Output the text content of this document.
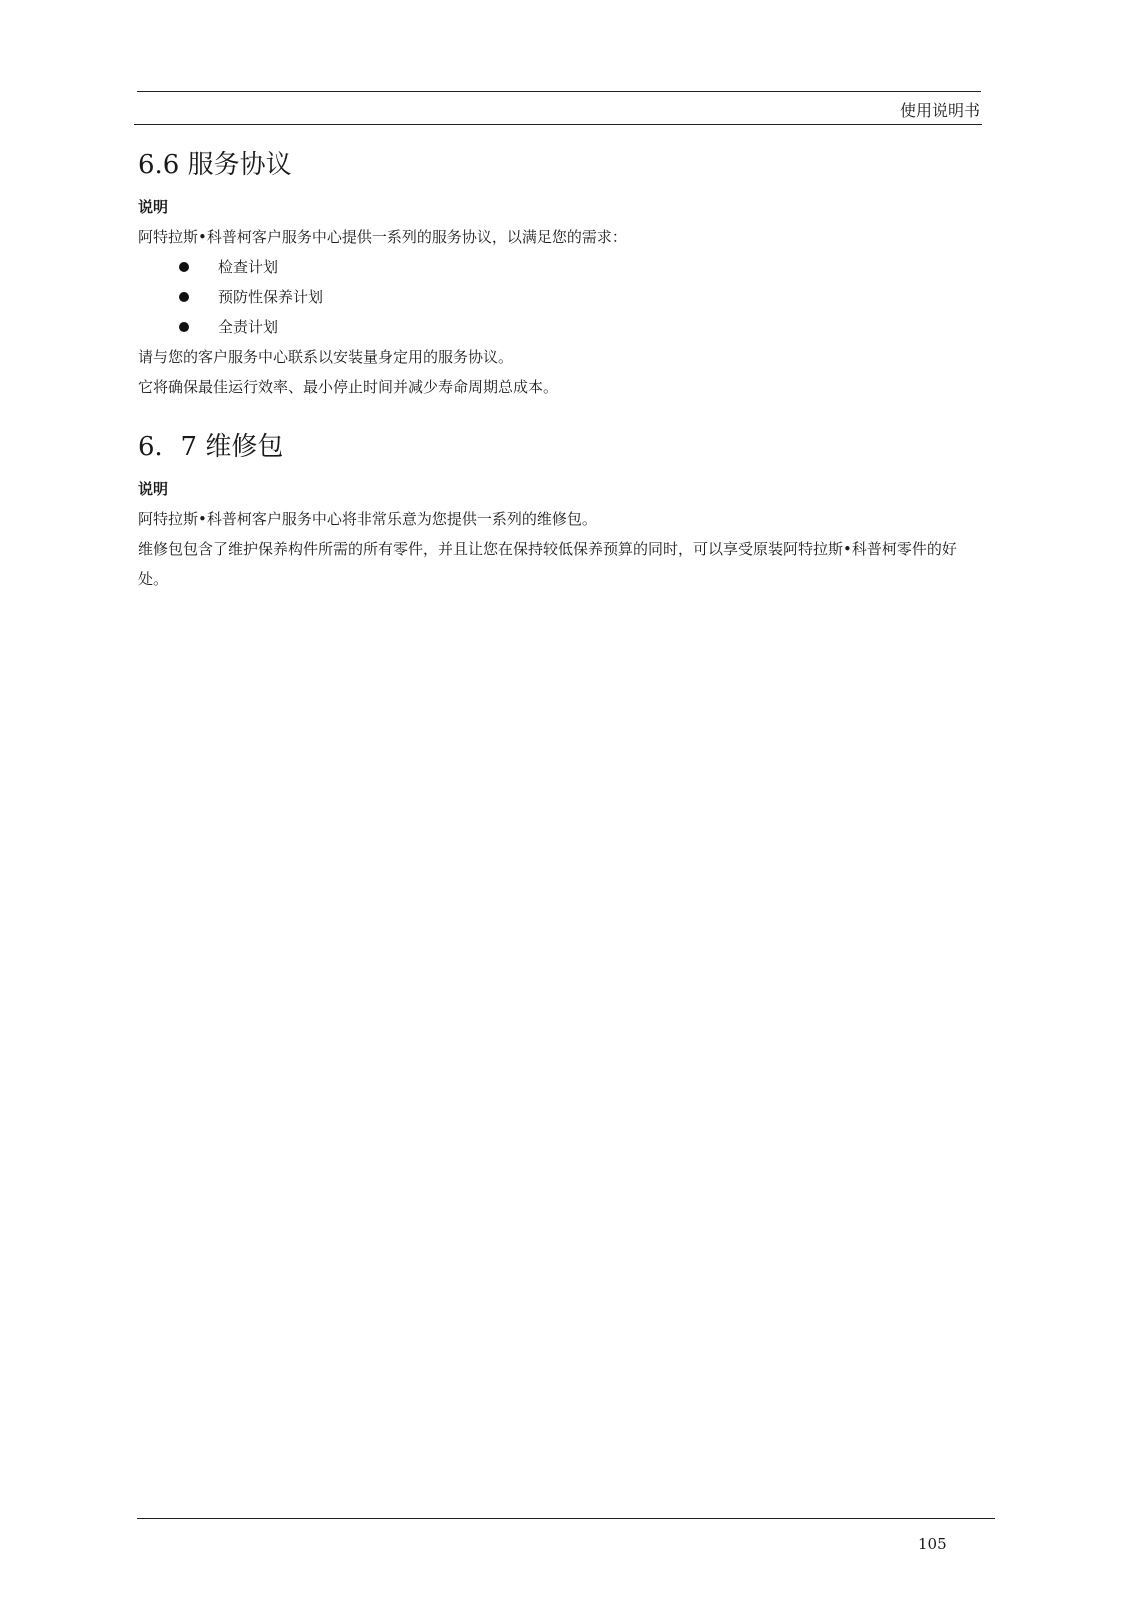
使用说明书
6.6 服务协议

说明

阿特拉斯•科普柯客户服务中心提供一系列的服务协议，以满足您的需求：

检查计划
预防性保养计划
全责计划

请与您的客户服务中心联系以安装量身定用的服务协议。

它将确保最佳运行效率、最小停止时间并减少寿命周期总成本。

6．7 维修包

说明

阿特拉斯•科普柯客户服务中心将非常乐意为您提供一系列的维修包。

维修包包含了维护保养构件所需的所有零件，并且让您在保持较低保养预算的同时，可以享受原装阿特拉斯•科普柯零件的好处。

105
